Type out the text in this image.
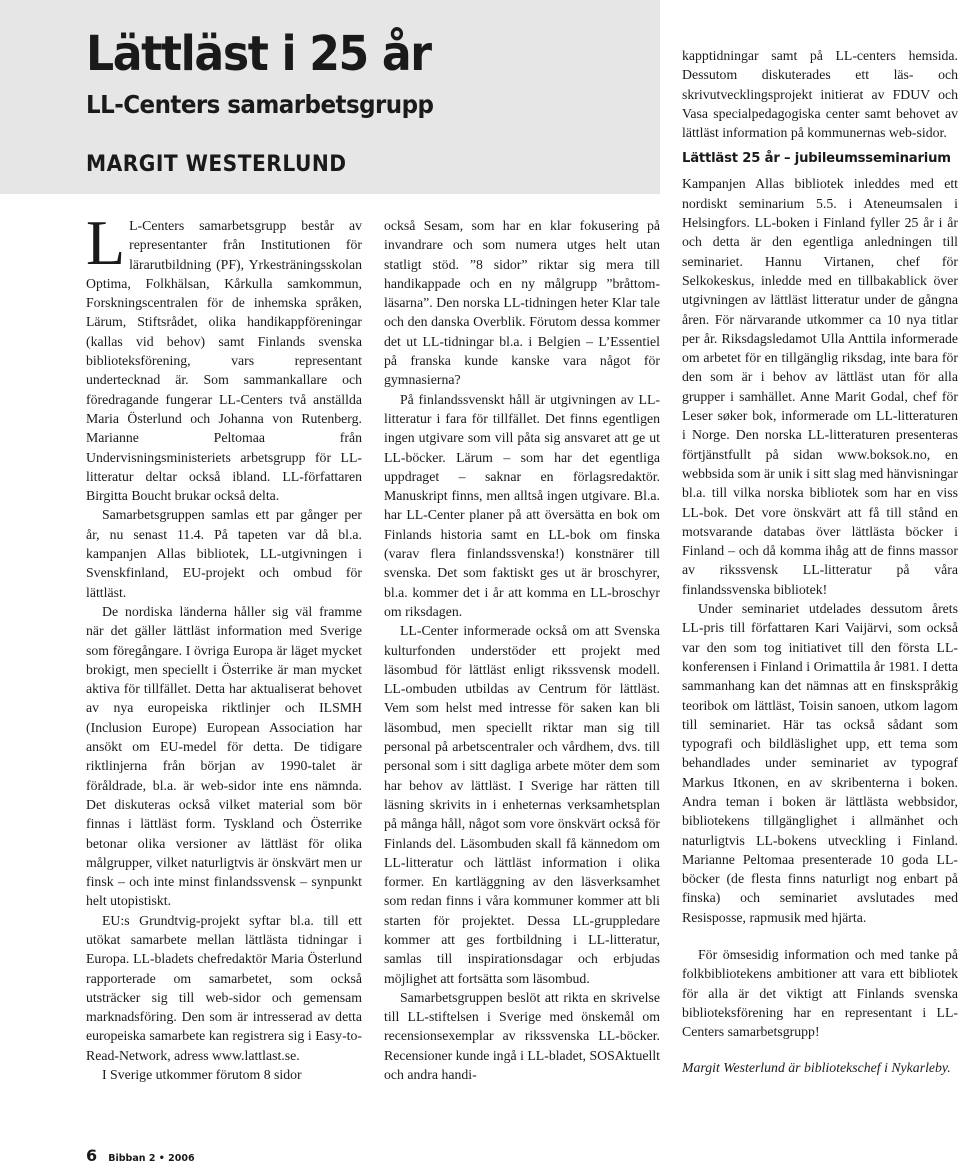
Lättläst i 25 år
LL-Centers samarbetsgrupp
MARGIT WESTERLUND

L L-Centers samarbetsgrupp består av representanter från Institutionen för lärarutbildning (PF), Yrkesträningsskolan Optima, Folkhälsan, Kårkulla samkommun, Forskningscentralen för de inhemska språken, Lärum, Stiftsrådet, olika handikappföreningar (kallas vid behov) samt Finlands svenska biblioteksförening, vars representant undertecknad är. Som sammankallare och föredragande fungerar LL-Centers två anställda Maria Österlund och Johanna von Rutenberg. Marianne Peltomaa från Undervisningsministeriets arbetsgrupp för LL-litteratur deltar också ibland. LL-författaren Birgitta Boucht brukar också delta.

Samarbetsgruppen samlas ett par gånger per år, nu senast 11.4. På tapeten var då bl.a. kampanjen Allas bibliotek, LL-utgivningen i Svenskfinland, EU-projekt och ombud för lättläst.

De nordiska länderna håller sig väl framme när det gäller lättläst information med Sverige som föregångare. I övriga Europa är läget mycket brokigt, men speciellt i Österrike är man mycket aktiva för tillfället. Detta har aktualiserat behovet av nya europeiska riktlinjer och ILSMH (Inclusion Europe) European Association har ansökt om EU-medel för detta. De tidigare riktlinjerna från början av 1990-talet är föråldrade, bl.a. är web-sidor inte ens nämnda. Det diskuteras också vilket material som bör finnas i lättläst form. Tyskland och Österrike betonar olika versioner av lättläst för olika målgrupper, vilket naturligtvis är önskvärt men ur finsk – och inte minst finlandssvensk – synpunkt helt utopistiskt.

EU:s Grundtvig-projekt syftar bl.a. till ett utökat samarbete mellan lättlästa tidningar i Europa. LL-bladets chefredaktör Maria Österlund rapporterade om samarbetet, som också utsträcker sig till web-sidor och gemensam marknadsföring. Den som är intresserad av detta europeiska samarbete kan registrera sig i Easy-to-Read-Network, adress www.lattlast.se.

I Sverige utkommer förutom 8 sidor

också Sesam, som har en klar fokusering på invandrare och som numera utges helt utan statligt stöd. ”8 sidor” riktar sig mera till handikappade och en ny målgrupp ”bråttom-läsarna”. Den norska LL-tidningen heter Klar tale och den danska Overblik. Förutom dessa kommer det ut LL-tidningar bl.a. i Belgien – L’Essentiel på franska kunde kanske vara något för gymnasierna?

På finlandssvenskt håll är utgivningen av LL-litteratur i fara för tillfället. Det finns egentligen ingen utgivare som vill påta sig ansvaret att ge ut LL-böcker. Lärum – som har det egentliga uppdraget – saknar en förlagsredaktör. Manuskript finns, men alltså ingen utgivare. Bl.a. har LL-Center planer på att översätta en bok om Finlands historia samt en LL-bok om finska (varav flera finlandssvenska!) konstnärer till svenska. Det som faktiskt ges ut är broschyrer, bl.a. kommer det i år att komma en LL-broschyr om riksdagen.

LL-Center informerade också om att Svenska kulturfonden understöder ett projekt med läsombud för lättläst enligt rikssvensk modell. LL-ombuden utbildas av Centrum för lättläst. Vem som helst med intresse för saken kan bli läsombud, men speciellt riktar man sig till personal på arbetscentraler och vårdhem, dvs. till personal som i sitt dagliga arbete möter dem som har behov av lättläst. I Sverige har rätten till läsning skrivits in i enheternas verksamhetsplan på många håll, något som vore önskvärt också för Finlands del. Läsombuden skall få kännedom om LL-litteratur och lättläst information i olika former. En kartläggning av den läsverksamhet som redan finns i våra kommuner kommer att bli starten för projektet. Dessa LL-gruppledare kommer att ges fortbildning i LL-litteratur, samlas till inspirationsdagar och erbjudas möjlighet att fortsätta som läsombud.

Samarbetsgruppen beslöt att rikta en skrivelse till LL-stiftelsen i Sverige med önskemål om recensionsexemplar av rikssvenska LL-böcker. Recensioner kunde ingå i LL-bladet, SOSAktuellt och andra handi-

kapptidningar samt på LL-centers hemsida. Dessutom diskuterades ett läs- och skrivutvecklingsprojekt initierat av FDUV och Vasa specialpedagogiska center samt behovet av lättläst information på kommunernas web-sidor.

Lättläst 25 år – jubileumsseminarium

Kampanjen Allas bibliotek inleddes med ett nordiskt seminarium 5.5. i Ateneumsalen i Helsingfors. LL-boken i Finland fyller 25 år i år och detta är den egentliga anledningen till seminariet. Hannu Virtanen, chef för Selkokeskus, inledde med en tillbakablick över utgivningen av lättläst litteratur under de gångna åren. För närvarande utkommer ca 10 nya titlar per år. Riksdagsledamot Ulla Anttila informerade om arbetet för en tillgänglig riksdag, inte bara för den som är i behov av lättläst utan för alla grupper i samhället. Anne Marit Godal, chef för Leser søker bok, informerade om LL-litteraturen i Norge. Den norska LL-litteraturen presenteras förtjänstfullt på sidan www.boksok.no, en webbsida som är unik i sitt slag med hänvisningar bl.a. till vilka norska bibliotek som har en viss LL-bok. Det vore önskvärt att få till stånd en motsvarande databas över lättlästa böcker i Finland – och då komma ihåg att de finns massor av rikssvensk LL-litteratur på våra finlandssvenska bibliotek!

Under seminariet utdelades dessutom årets LL-pris till författaren Kari Vaijärvi, som också var den som tog initiativet till den första LL-konferensen i Finland i Orimattila år 1981. I detta sammanhang kan det nämnas att en finskspråkig teoribok om lättläst, Toisin sanoen, utkom lagom till seminariet. Här tas också sådant som typografi och bildläslighet upp, ett tema som behandlades under seminariet av typograf Markus Itkonen, en av skribenterna i boken. Andra teman i boken är lättlästa webbsidor, bibliotekens tillgänglighet i allmänhet och naturligtvis LL-bokens utveckling i Finland. Marianne Peltomaa presenterade 10 goda LL-böcker (de flesta finns naturligt nog enbart på finska) och seminariet avslutades med Resisposse, rapmusik med hjärta.

För ömsesidig information och med tanke på folkbibliotekens ambitioner att vara ett bibliotek för alla är det viktigt att Finlands svenska biblioteksförening har en representant i LL-Centers samarbetsgrupp!

Margit Westerlund är bibliotekschef i Nykarleby.

6 Bibban 2 • 2006
